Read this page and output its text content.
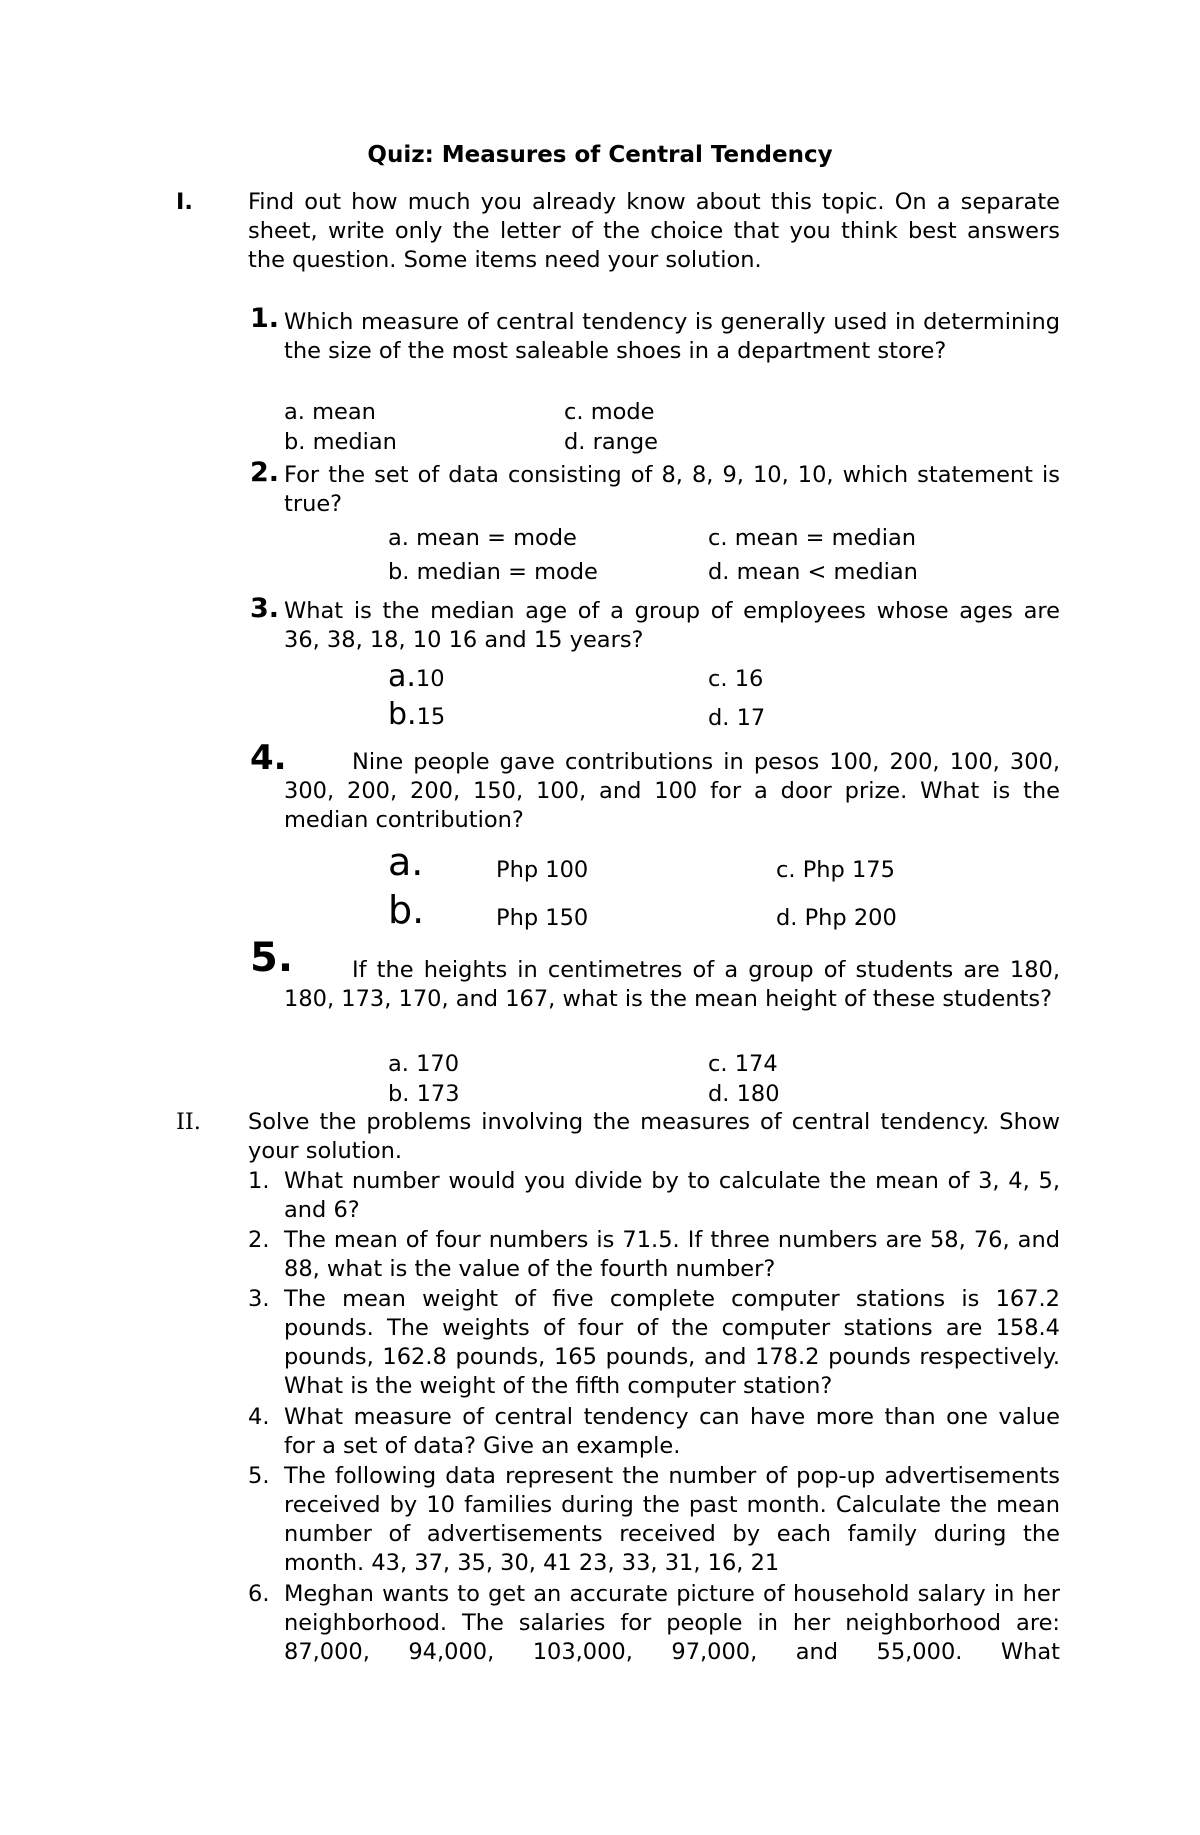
Quiz: Measures of Central Tendency
I.	Find out how much you already know about this topic. On a separate sheet, write only the letter of the choice that you think best answers the question. Some items need your solution.
1. Which measure of central tendency is generally used in determining the size of the most saleable shoes in a department store?
a. mean
b. median
c. mode
d. range
2. For the set of data consisting of 8, 8, 9, 10, 10, which statement is true?
a. mean = mode
b. median = mode
c. mean = median
d. mean < median
3. What is the median age of a group of employees whose ages are 36, 38, 18, 10 16 and 15 years?
a.10
b.15
c. 16
d. 17
4.	Nine people gave contributions in pesos 100, 200, 100, 300, 300, 200, 200, 150, 100, and 100 for a door prize. What is the median contribution?
a.	Php 100
b.	Php 150
c. Php 175
d. Php 200
5.	If the heights in centimetres of a group of students are 180, 180, 173, 170, and 167, what is the mean height of these students?
a. 170
b. 173
c. 174
d. 180
II.	Solve the problems involving the measures of central tendency. Show your solution.
1. What number would you divide by to calculate the mean of 3, 4, 5, and 6?
2. The mean of four numbers is 71.5. If three numbers are 58, 76, and 88, what is the value of the fourth number?
3. The mean weight of five complete computer stations is 167.2 pounds. The weights of four of the computer stations are 158.4 pounds, 162.8 pounds, 165 pounds, and 178.2 pounds respectively. What is the weight of the fifth computer station?
4. What measure of central tendency can have more than one value for a set of data? Give an example.
5. The following data represent the number of pop-up advertisements received by 10 families during the past month. Calculate the mean number of advertisements received by each family during the month. 43, 37, 35, 30, 41 23, 33, 31, 16, 21
6. Meghan wants to get an accurate picture of household salary in her neighborhood. The salaries for people in her neighborhood are: 87,000, 94,000, 103,000, 97,000, and 55,000. What
